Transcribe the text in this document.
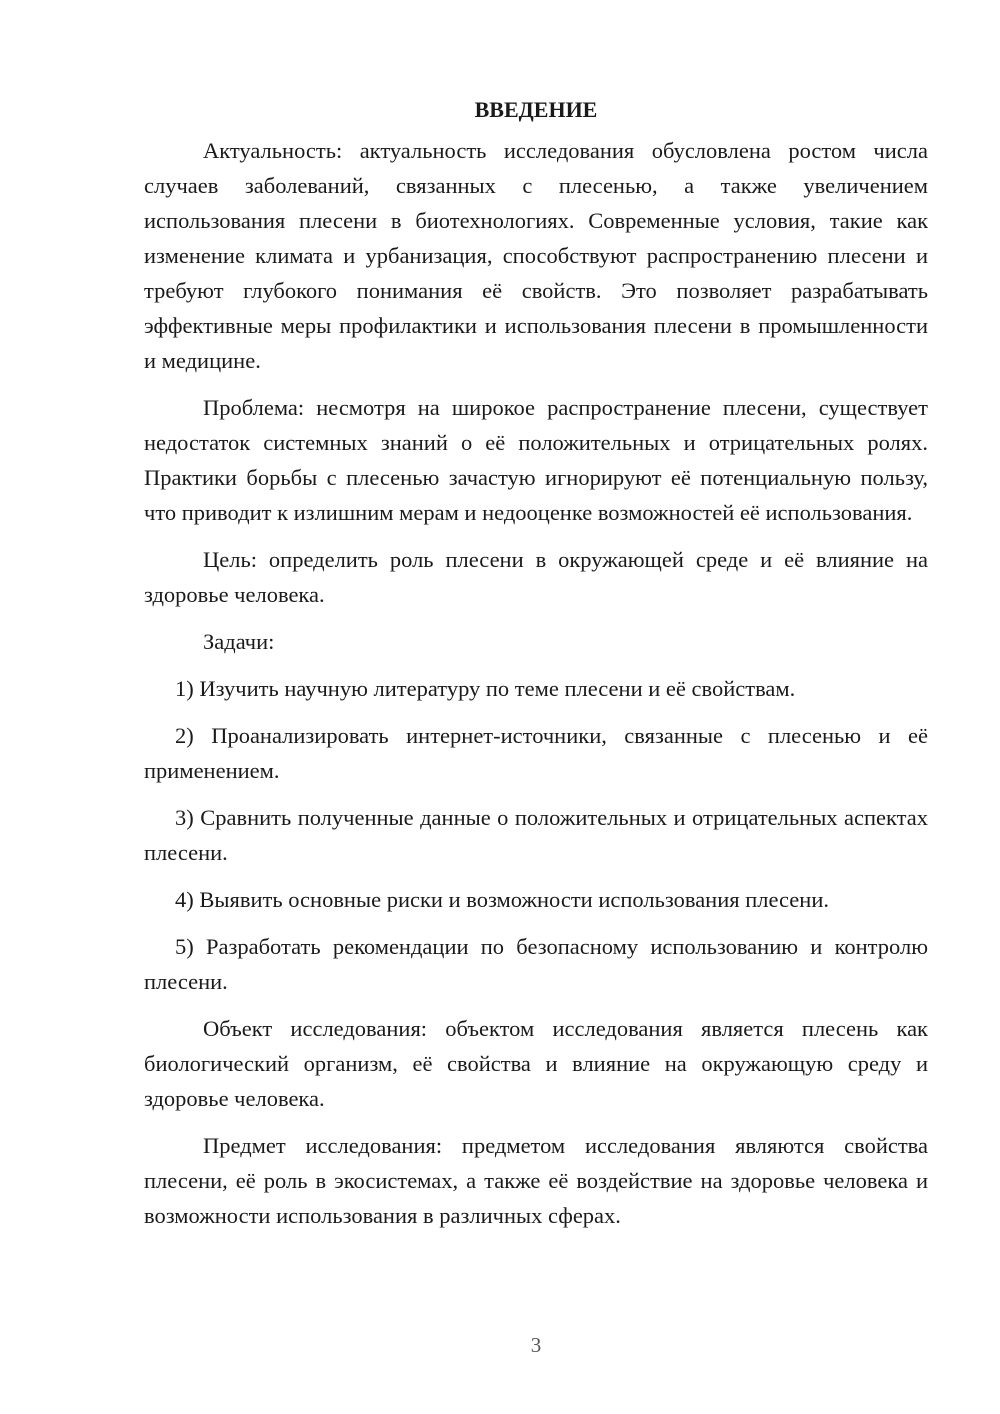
ВВЕДЕНИЕ

Актуальность: актуальность исследования обусловлена ростом числа случаев заболеваний, связанных с плесенью, а также увеличением использования плесени в биотехнологиях. Современные условия, такие как изменение климата и урбанизация, способствуют распространению плесени и требуют глубокого понимания её свойств. Это позволяет разрабатывать эффективные меры профилактики и использования плесени в промышленности и медицине.

Проблема: несмотря на широкое распространение плесени, существует недостаток системных знаний о её положительных и отрицательных ролях. Практики борьбы с плесенью зачастую игнорируют её потенциальную пользу, что приводит к излишним мерам и недооценке возможностей её использования.

Цель: определить роль плесени в окружающей среде и её влияние на здоровье человека.

Задачи:

1) Изучить научную литературу по теме плесени и её свойствам.

2) Проанализировать интернет-источники, связанные с плесенью и её применением.

3) Сравнить полученные данные о положительных и отрицательных аспектах плесени.

4) Выявить основные риски и возможности использования плесени.

5) Разработать рекомендации по безопасному использованию и контролю плесени.

Объект исследования: объектом исследования является плесень как биологический организм, её свойства и влияние на окружающую среду и здоровье человека.

Предмет исследования: предметом исследования являются свойства плесени, её роль в экосистемах, а также её воздействие на здоровье человека и возможности использования в различных сферах.

3
